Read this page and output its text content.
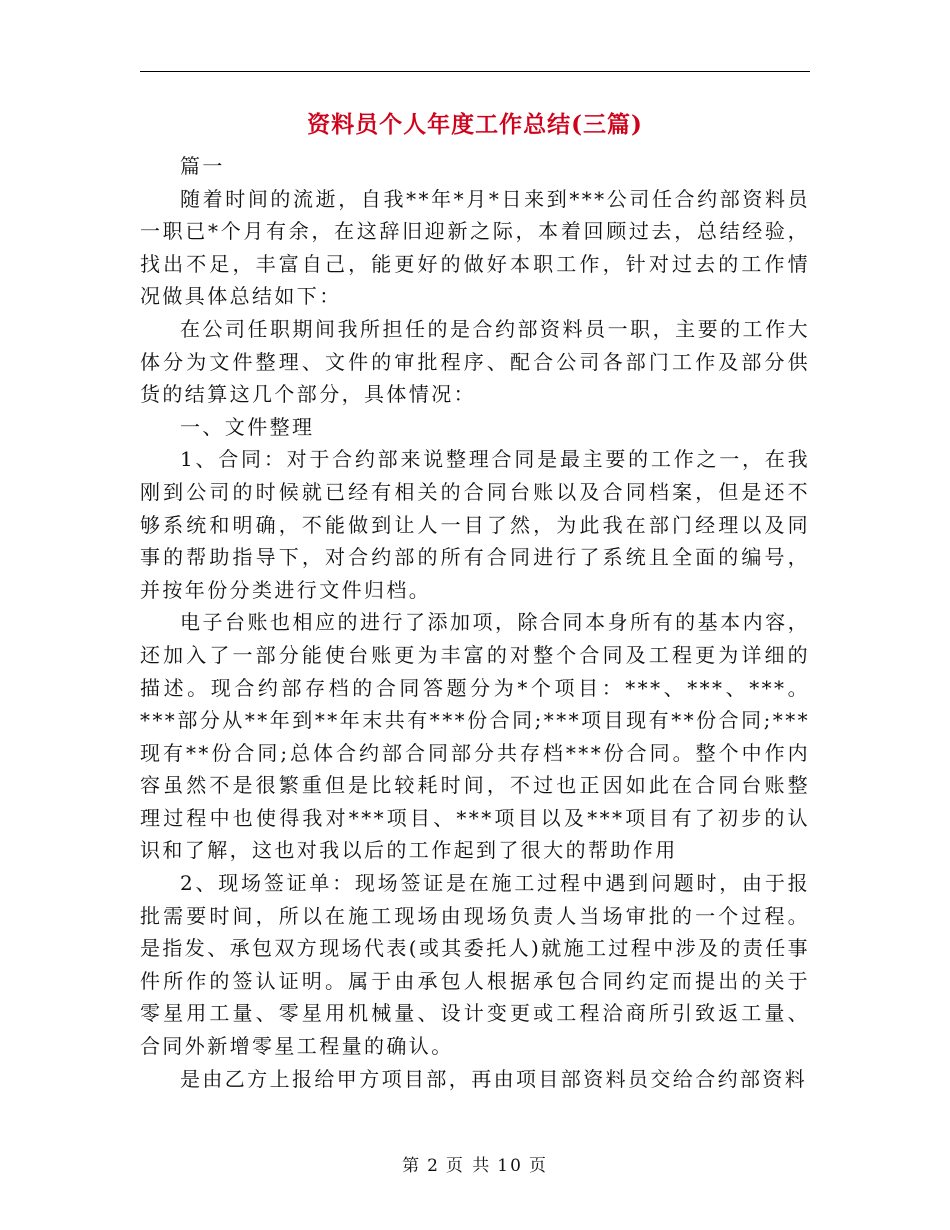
资料员个人年度工作总结(三篇)

篇一

随着时间的流逝，自我**年*月*日来到***公司任合约部资料员一职已*个月有余，在这辞旧迎新之际，本着回顾过去，总结经验，找出不足，丰富自己，能更好的做好本职工作，针对过去的工作情况做具体总结如下：

在公司任职期间我所担任的是合约部资料员一职，主要的工作大体分为文件整理、文件的审批程序、配合公司各部门工作及部分供货的结算这几个部分，具体情况：

一、文件整理

1、合同：对于合约部来说整理合同是最主要的工作之一，在我刚到公司的时候就已经有相关的合同台账以及合同档案，但是还不够系统和明确，不能做到让人一目了然，为此我在部门经理以及同事的帮助指导下，对合约部的所有合同进行了系统且全面的编号，并按年份分类进行文件归档。

电子台账也相应的进行了添加项，除合同本身所有的基本内容，还加入了一部分能使台账更为丰富的对整个合同及工程更为详细的描述。现合约部存档的合同答题分为*个项目：***、***、***。***部分从**年到**年末共有***份合同;***项目现有**份合同;***现有**份合同;总体合约部合同部分共存档***份合同。整个中作内容虽然不是很繁重但是比较耗时间，不过也正因如此在合同台账整理过程中也使得我对***项目、***项目以及***项目有了初步的认识和了解，这也对我以后的工作起到了很大的帮助作用

2、现场签证单：现场签证是在施工过程中遇到问题时，由于报批需要时间，所以在施工现场由现场负责人当场审批的一个过程。是指发、承包双方现场代表(或其委托人)就施工过程中涉及的责任事件所作的签认证明。属于由承包人根据承包合同约定而提出的关于零星用工量、零星用机械量、设计变更或工程洽商所引致返工量、合同外新增零星工程量的确认。

是由乙方上报给甲方项目部，再由项目部资料员交给合约部资料

第 2 页 共 10 页
